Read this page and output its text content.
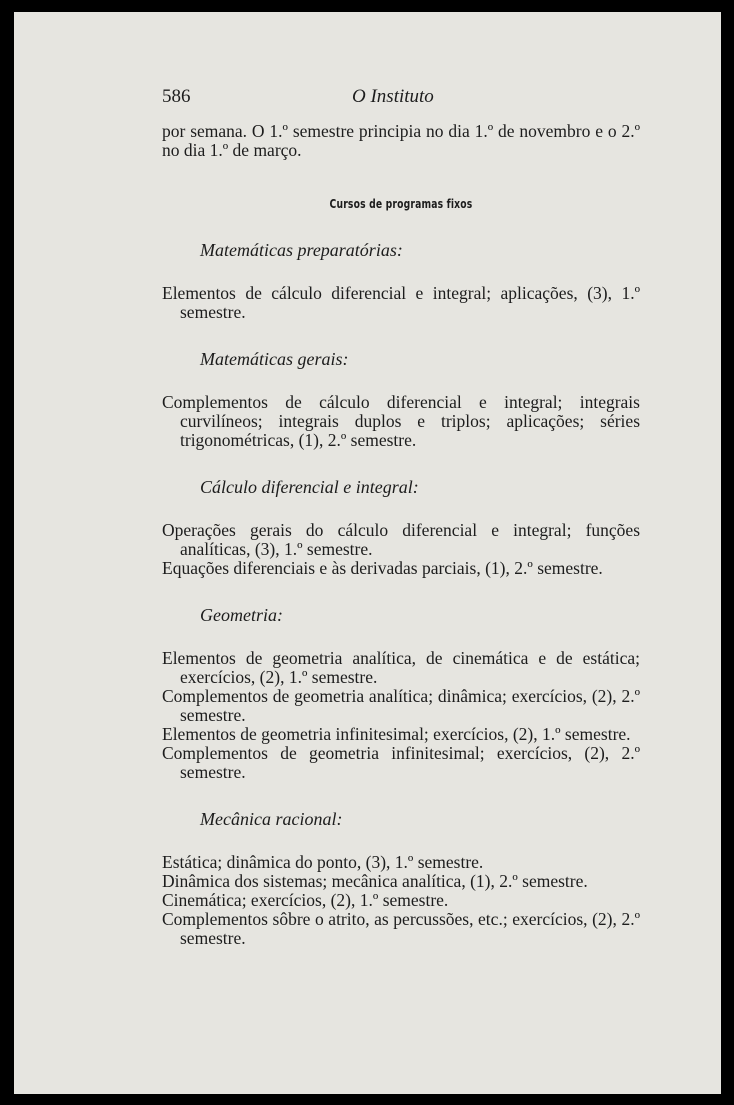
586	O Instituto

por semana. O 1.º semestre principia no dia 1.º de novembro e o 2.º no dia 1.º de março.

Cursos de programas fixos

Matemáticas preparatórias:

Elementos de cálculo diferencial e integral; aplicações, (3), 1.º semestre.

Matemáticas gerais:

Complementos de cálculo diferencial e integral; integrais curvilíneos; integrais duplos e triplos; aplicações; séries trigonométricas, (1), 2.º semestre.

Cálculo diferencial e integral:

Operações gerais do cálculo diferencial e integral; funções analíticas, (3), 1.º semestre.

Equações diferenciais e às derivadas parciais, (1), 2.º semestre.

Geometria:

Elementos de geometria analítica, de cinemática e de estática; exercícios, (2), 1.º semestre.

Complementos de geometria analítica; dinâmica; exercícios, (2), 2.º semestre.

Elementos de geometria infinitesimal; exercícios, (2), 1.º semestre.

Complementos de geometria infinitesimal; exercícios, (2), 2.º semestre.

Mecânica racional:

Estática; dinâmica do ponto, (3), 1.º semestre.

Dinâmica dos sistemas; mecânica analítica, (1), 2.º semestre.

Cinemática; exercícios, (2), 1.º semestre.

Complementos sôbre o atrito, as percussões, etc.; exercícios, (2), 2.º semestre.
